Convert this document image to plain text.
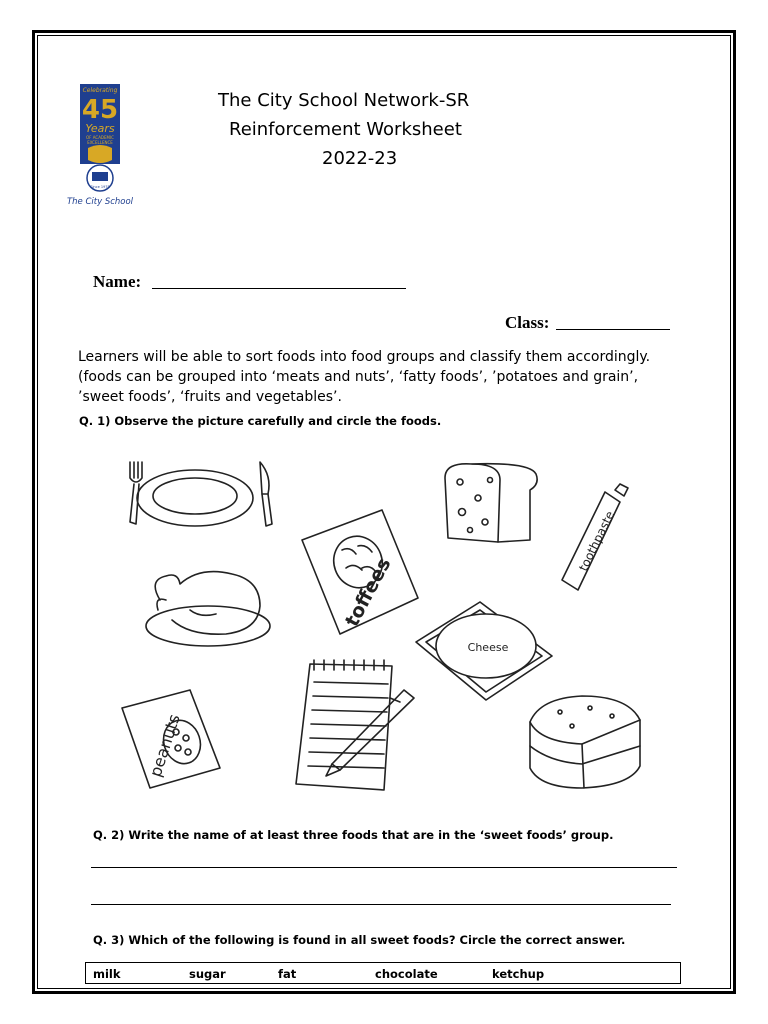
Celebrating
45
Years
OF ACADEMIC
EXCELLENCE
Since 1978
The City School
The City School Network-SR
Reinforcement Worksheet
2022-23
Name:
Class:
Learners will be able to sort foods into food groups and classify them accordingly.
(foods can be grouped into ‘meats and nuts’, ‘fatty foods’, ’potatoes and grain’,
’sweet foods’, ‘fruits and vegetables’.
Q. 1) Observe the picture carefully and circle the foods.
toothpaste
toffees
Cheese
peanuts
Q. 2) Write the name of at least three foods that are in the ‘sweet foods’ group.
Q. 3) Which of the following is found in all sweet foods? Circle the correct answer.
milk	sugar	fat	chocolate	ketchup
